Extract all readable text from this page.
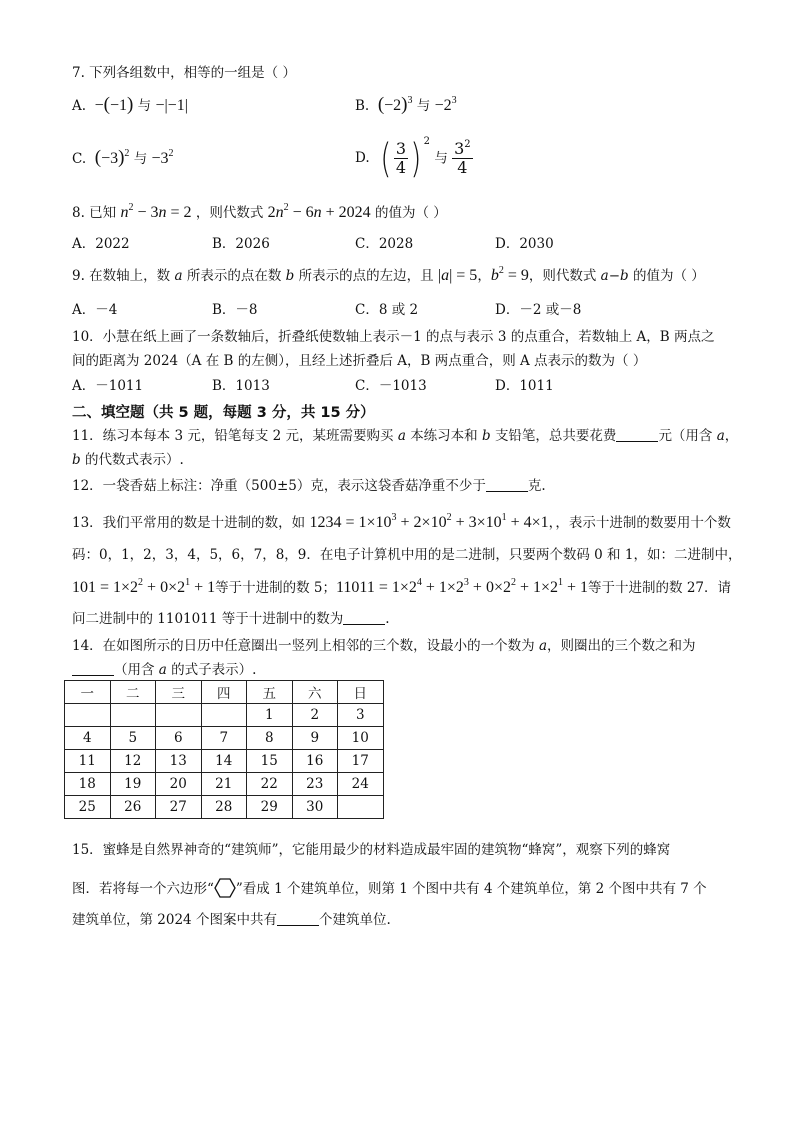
7. 下列各组数中，相等的一组是（ ）
A. −(−1) 与 −|−1|	B. $(-2)^3$ 与 $-2^3$
C. $(-3)^2$ 与 $-3^2$	D. ( $\frac{3}{4}$ ) $^2$ 与 $\frac{3^2}{4}$
8. 已知 $n^2 - 3n = 2$ ，则代数式 $2n^2 - 6n + 2024$ 的值为（ ）
A．2022	B．2026	C．2028	D．2030
9. 在数轴上，数 a 所表示的点在数 b 所表示的点的左边，且 |a| = 5，$b^2 = 9$，则代数式 a−b 的值为（ ）
A．－4	B．－8	C．8 或 2	D．－2 或－8
10．小慧在纸上画了一条数轴后，折叠纸使数轴上表示－1 的点与表示 3 的点重合，若数轴上 A，B 两点之
间的距离为 2024（A 在 B 的左侧），且经上述折叠后 A，B 两点重合，则 A 点表示的数为（ ）
A．－1011	B．1013	C．－1013	D．1011
二、填空题（共 5 题，每题 3 分，共 15 分）
11．练习本每本 3 元，铅笔每支 2 元，某班需要购买 a 本练习本和 b 支铅笔，总共要花费	元（用含 a，
b 的代数式表示）.
12．一袋香菇上标注：净重（500±5）克，表示这袋香菇净重不少于	克.
13．我们平常用的数是十进制的数，如 $1234 = 1\times 10^3 + 2\times 10^2 + 3\times 10^1 + 4\times 1$，，表示十进制的数要用十个数
码：0，1，2，3，4，5，6，7，8，9．在电子计算机中用的是二进制，只要两个数码 0 和 1，如：二进制中，
$101 = 1\times 2^2 + 0\times 2^1 + 1$等于十进制的数 5；$11011 = 1\times 2^4 + 1\times 2^3 + 0\times 2^2 + 1\times 2^1 + 1$等于十进制的数 27．请
问二进制中的 1101011 等于十进制中的数为	.
14．在如图所示的日历中任意圈出一竖列上相邻的三个数，设最小的一个数为 a，则圈出的三个数之和为
（用含 a 的式子表示）.
一	二	三	四	五	六	日
				1	2	3
4	5	6	7	8	9	10
11	12	13	14	15	16	17
18	19	20	21	22	23	24
25	26	27	28	29	30	
15．蜜蜂是自然界神奇的“建筑师”，它能用最少的材料造成最牢固的建筑物“蜂窝”，观察下列的蜂窝
图．若将每一个六边形“ ”看成 1 个建筑单位，则第 1 个图中共有 4 个建筑单位，第 2 个图中共有 7 个
建筑单位，第 2024 个图案中共有	个建筑单位.
